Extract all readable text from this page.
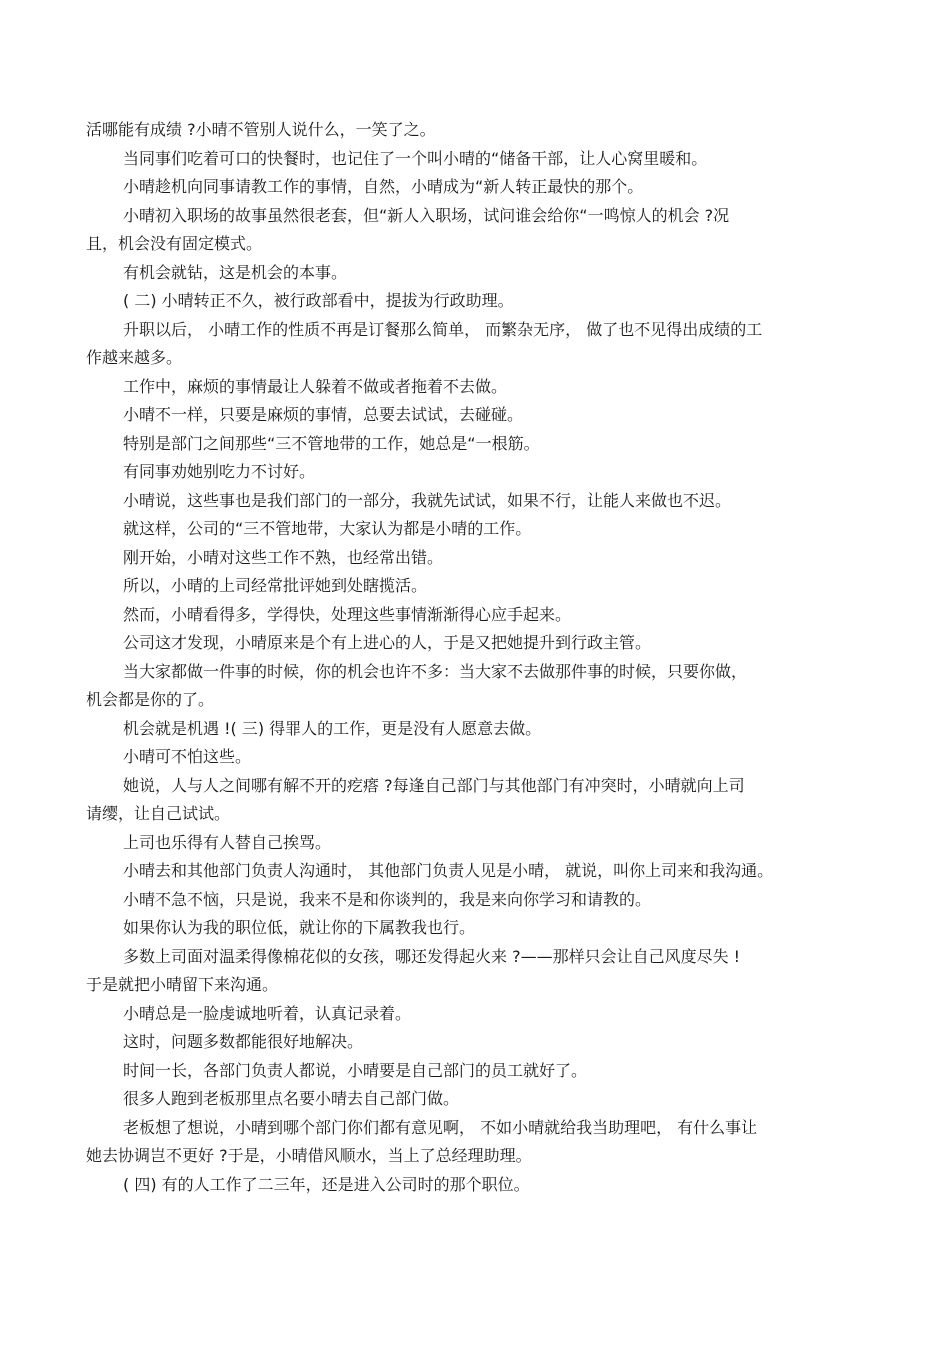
活哪能有成绩 ?小晴不管别人说什么，一笑了之。
当同事们吃着可口的快餐时，也记住了一个叫小晴的“储备干部，让人心窝里暖和。
小晴趁机向同事请教工作的事情，自然，小晴成为“新人转正最快的那个。
小晴初入职场的故事虽然很老套，但“新人入职场，试问谁会给你“一鸣惊人的机会 ?况
且，机会没有固定模式。
有机会就钻，这是机会的本事。
( 二) 小晴转正不久，被行政部看中，提拔为行政助理。
升职以后， 小晴工作的性质不再是订餐那么简单， 而繁杂无序， 做了也不见得出成绩的工
作越来越多。
工作中，麻烦的事情最让人躲着不做或者拖着不去做。
小晴不一样，只要是麻烦的事情，总要去试试，去碰碰。
特别是部门之间那些“三不管地带的工作，她总是“一根筋。
有同事劝她别吃力不讨好。
小晴说，这些事也是我们部门的一部分，我就先试试，如果不行，让能人来做也不迟。
就这样，公司的“三不管地带，大家认为都是小晴的工作。
刚开始，小晴对这些工作不熟，也经常出错。
所以，小晴的上司经常批评她到处瞎揽活。
然而，小晴看得多，学得快，处理这些事情渐渐得心应手起来。
公司这才发现，小晴原来是个有上进心的人，于是又把她提升到行政主管。
当大家都做一件事的时候，你的机会也许不多：当大家不去做那件事的时候，只要你做，
机会都是你的了。
机会就是机遇 !( 三) 得罪人的工作，更是没有人愿意去做。
小晴可不怕这些。
她说，人与人之间哪有解不开的疙瘩 ?每逢自己部门与其他部门有冲突时，小晴就向上司
请缨，让自己试试。
上司也乐得有人替自己挨骂。
小晴去和其他部门负责人沟通时， 其他部门负责人见是小晴， 就说，叫你上司来和我沟通。
小晴不急不恼，只是说，我来不是和你谈判的，我是来向你学习和请教的。
如果你认为我的职位低，就让你的下属教我也行。
多数上司面对温柔得像棉花似的女孩，哪还发得起火来 ?——那样只会让自己风度尽失 !
于是就把小晴留下来沟通。
小晴总是一脸虔诚地听着，认真记录着。
这时，问题多数都能很好地解决。
时间一长，各部门负责人都说，小晴要是自己部门的员工就好了。
很多人跑到老板那里点名要小晴去自己部门做。
老板想了想说，小晴到哪个部门你们都有意见啊， 不如小晴就给我当助理吧， 有什么事让
她去协调岂不更好 ?于是，小晴借风顺水，当上了总经理助理。
( 四) 有的人工作了二三年，还是进入公司时的那个职位。
